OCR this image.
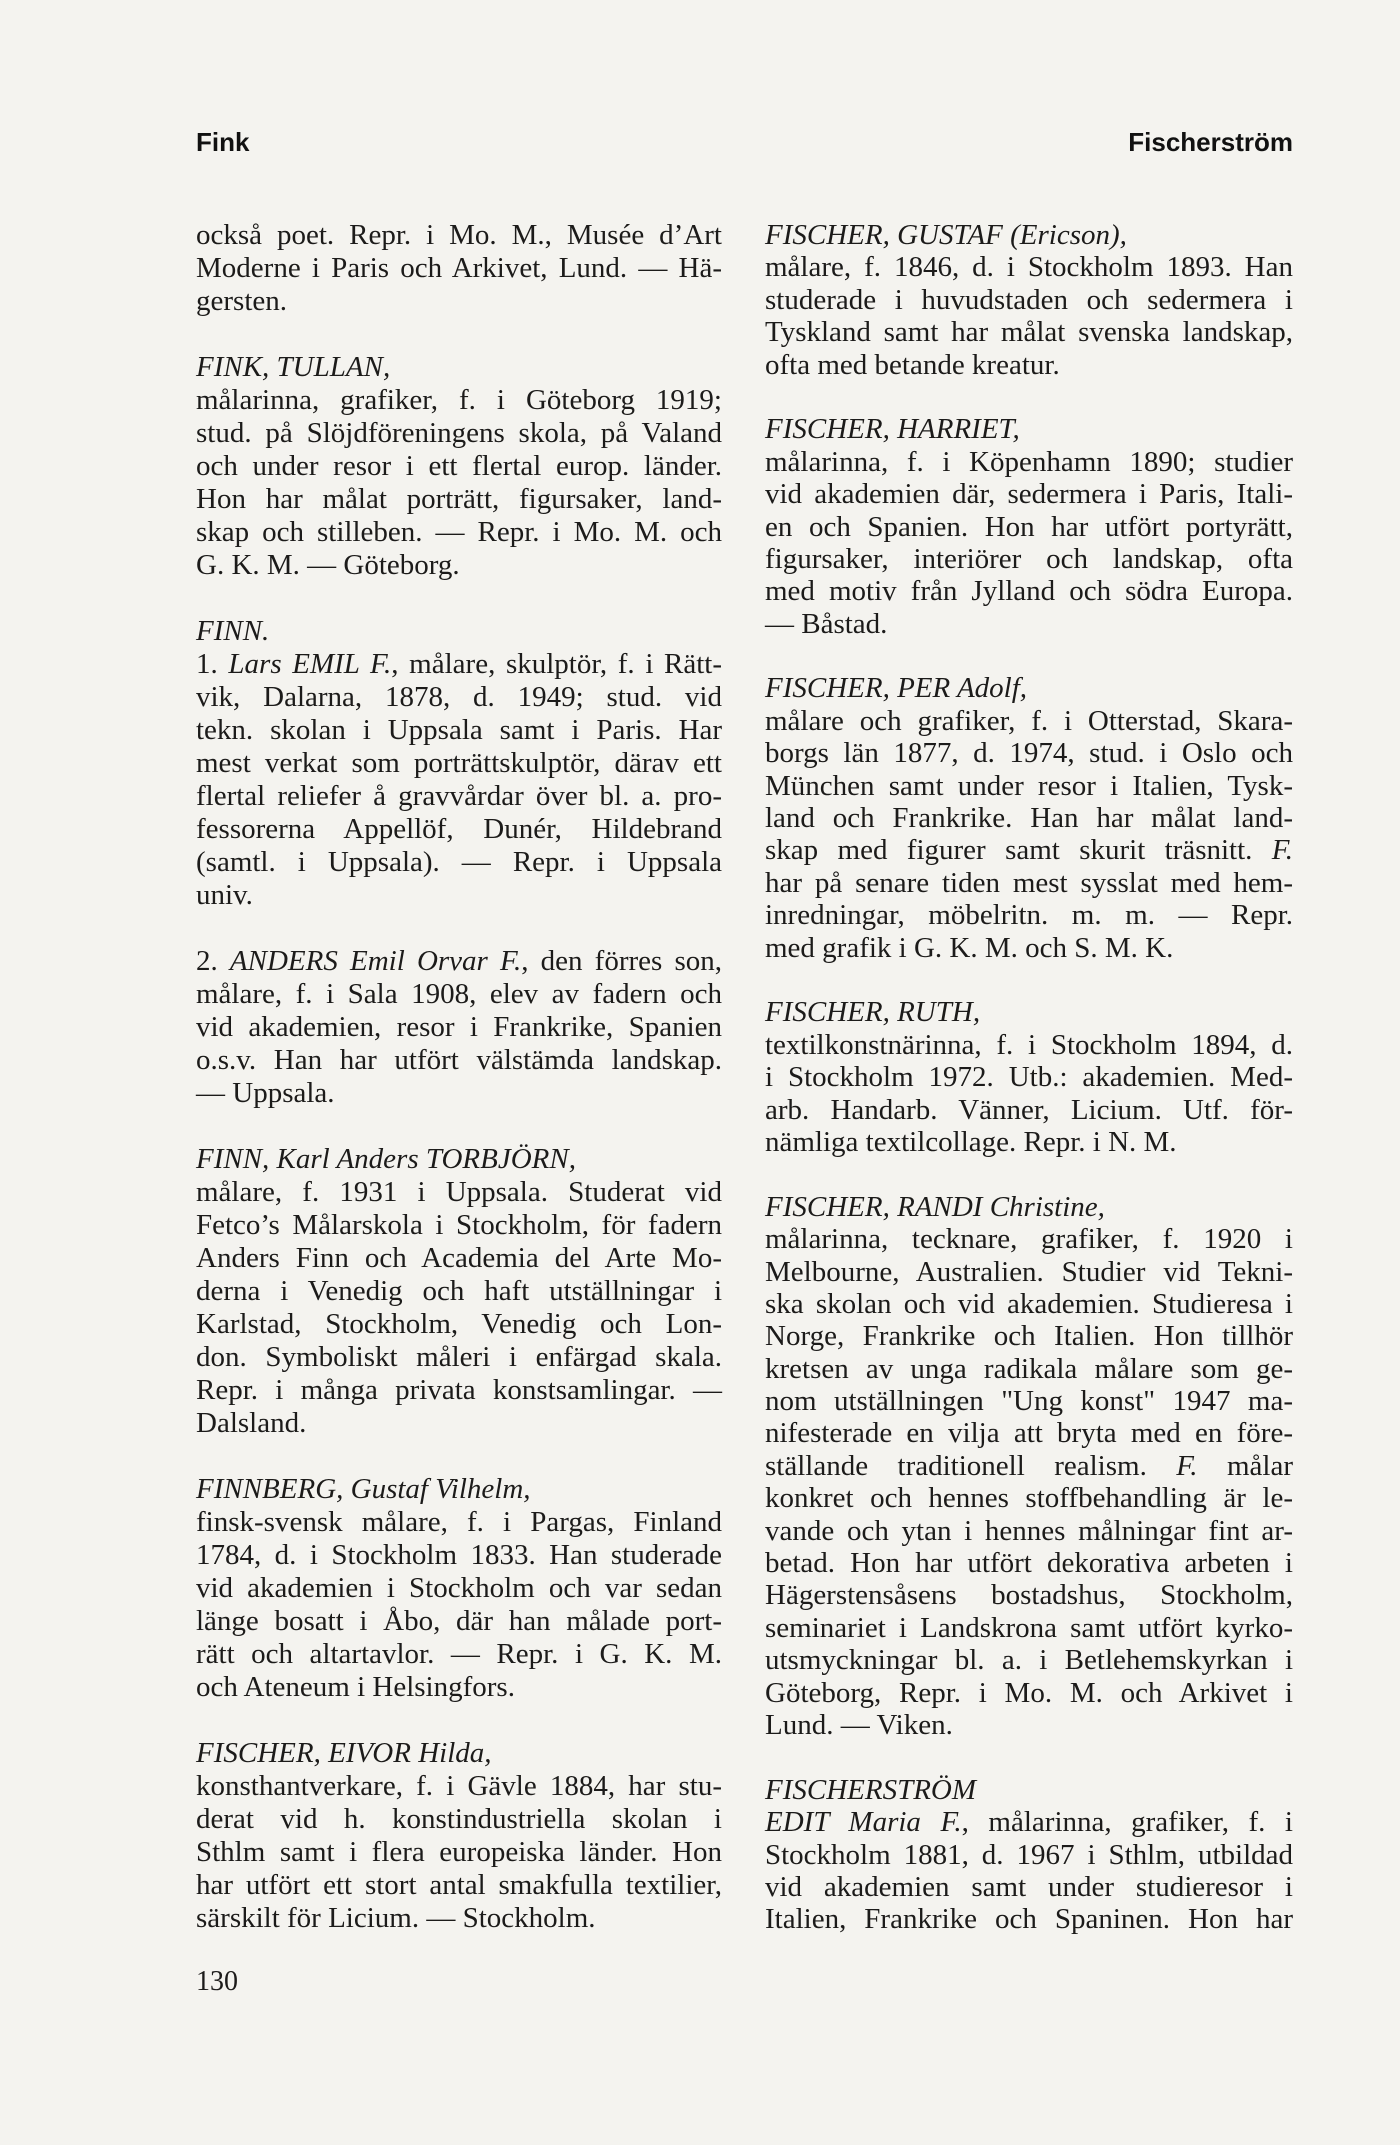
Fink	Fischerström
också poet. Repr. i Mo. M., Musée d’Art
Moderne i Paris och Arkivet, Lund. — Hä-
gersten.
FINK, TULLAN,
målarinna, grafiker, f. i Göteborg 1919;
stud. på Slöjdföreningens skola, på Valand
och under resor i ett flertal europ. länder.
Hon har målat porträtt, figursaker, land-
skap och stilleben. — Repr. i Mo. M. och
G. K. M. — Göteborg.
FINN.
1. Lars EMIL F., målare, skulptör, f. i Rätt-
vik, Dalarna, 1878, d. 1949; stud. vid
tekn. skolan i Uppsala samt i Paris. Har
mest verkat som porträttskulptör, därav ett
flertal reliefer å gravvårdar över bl. a. pro-
fessorerna Appellöf, Dunér, Hildebrand
(samtl. i Uppsala). — Repr. i Uppsala
univ.
2. ANDERS Emil Orvar F., den förres son,
målare, f. i Sala 1908, elev av fadern och
vid akademien, resor i Frankrike, Spanien
o.s.v. Han har utfört välstämda landskap.
— Uppsala.
FINN, Karl Anders TORBJÖRN,
målare, f. 1931 i Uppsala. Studerat vid
Fetco’s Målarskola i Stockholm, för fadern
Anders Finn och Academia del Arte Mo-
derna i Venedig och haft utställningar i
Karlstad, Stockholm, Venedig och Lon-
don. Symboliskt måleri i enfärgad skala.
Repr. i många privata konstsamlingar. —
Dalsland.
FINNBERG, Gustaf Vilhelm,
finsk-svensk målare, f. i Pargas, Finland
1784, d. i Stockholm 1833. Han studerade
vid akademien i Stockholm och var sedan
länge bosatt i Åbo, där han målade port-
rätt och altartavlor. — Repr. i G. K. M.
och Ateneum i Helsingfors.
FISCHER, EIVOR Hilda,
konsthantverkare, f. i Gävle 1884, har stu-
derat vid h. konstindustriella skolan i
Sthlm samt i flera europeiska länder. Hon
har utfört ett stort antal smakfulla textilier,
särskilt för Licium. — Stockholm.
FISCHER, GUSTAF (Ericson),
målare, f. 1846, d. i Stockholm 1893. Han
studerade i huvudstaden och sedermera i
Tyskland samt har målat svenska landskap,
ofta med betande kreatur.
FISCHER, HARRIET,
målarinna, f. i Köpenhamn 1890; studier
vid akademien där, sedermera i Paris, Itali-
en och Spanien. Hon har utfört portyrätt,
figursaker, interiörer och landskap, ofta
med motiv från Jylland och södra Europa.
— Båstad.
FISCHER, PER Adolf,
målare och grafiker, f. i Otterstad, Skara-
borgs län 1877, d. 1974, stud. i Oslo och
München samt under resor i Italien, Tysk-
land och Frankrike. Han har målat land-
skap med figurer samt skurit träsnitt. F.
har på senare tiden mest sysslat med hem-
inredningar, möbelritn. m. m. — Repr.
med grafik i G. K. M. och S. M. K.
FISCHER, RUTH,
textilkonstnärinna, f. i Stockholm 1894, d.
i Stockholm 1972. Utb.: akademien. Med-
arb. Handarb. Vänner, Licium. Utf. för-
nämliga textilcollage. Repr. i N. M.
FISCHER, RANDI Christine,
målarinna, tecknare, grafiker, f. 1920 i
Melbourne, Australien. Studier vid Tekni-
ska skolan och vid akademien. Studieresa i
Norge, Frankrike och Italien. Hon tillhör
kretsen av unga radikala målare som ge-
nom utställningen "Ung konst" 1947 ma-
nifesterade en vilja att bryta med en före-
ställande traditionell realism. F. målar
konkret och hennes stoffbehandling är le-
vande och ytan i hennes målningar fint ar-
betad. Hon har utfört dekorativa arbeten i
Hägerstensåsens bostadshus, Stockholm,
seminariet i Landskrona samt utfört kyrko-
utsmyckningar bl. a. i Betlehemskyrkan i
Göteborg, Repr. i Mo. M. och Arkivet i
Lund. — Viken.
FISCHERSTRÖM
EDIT Maria F., målarinna, grafiker, f. i
Stockholm 1881, d. 1967 i Sthlm, utbildad
vid akademien samt under studieresor i
Italien, Frankrike och Spaninen. Hon har
130
